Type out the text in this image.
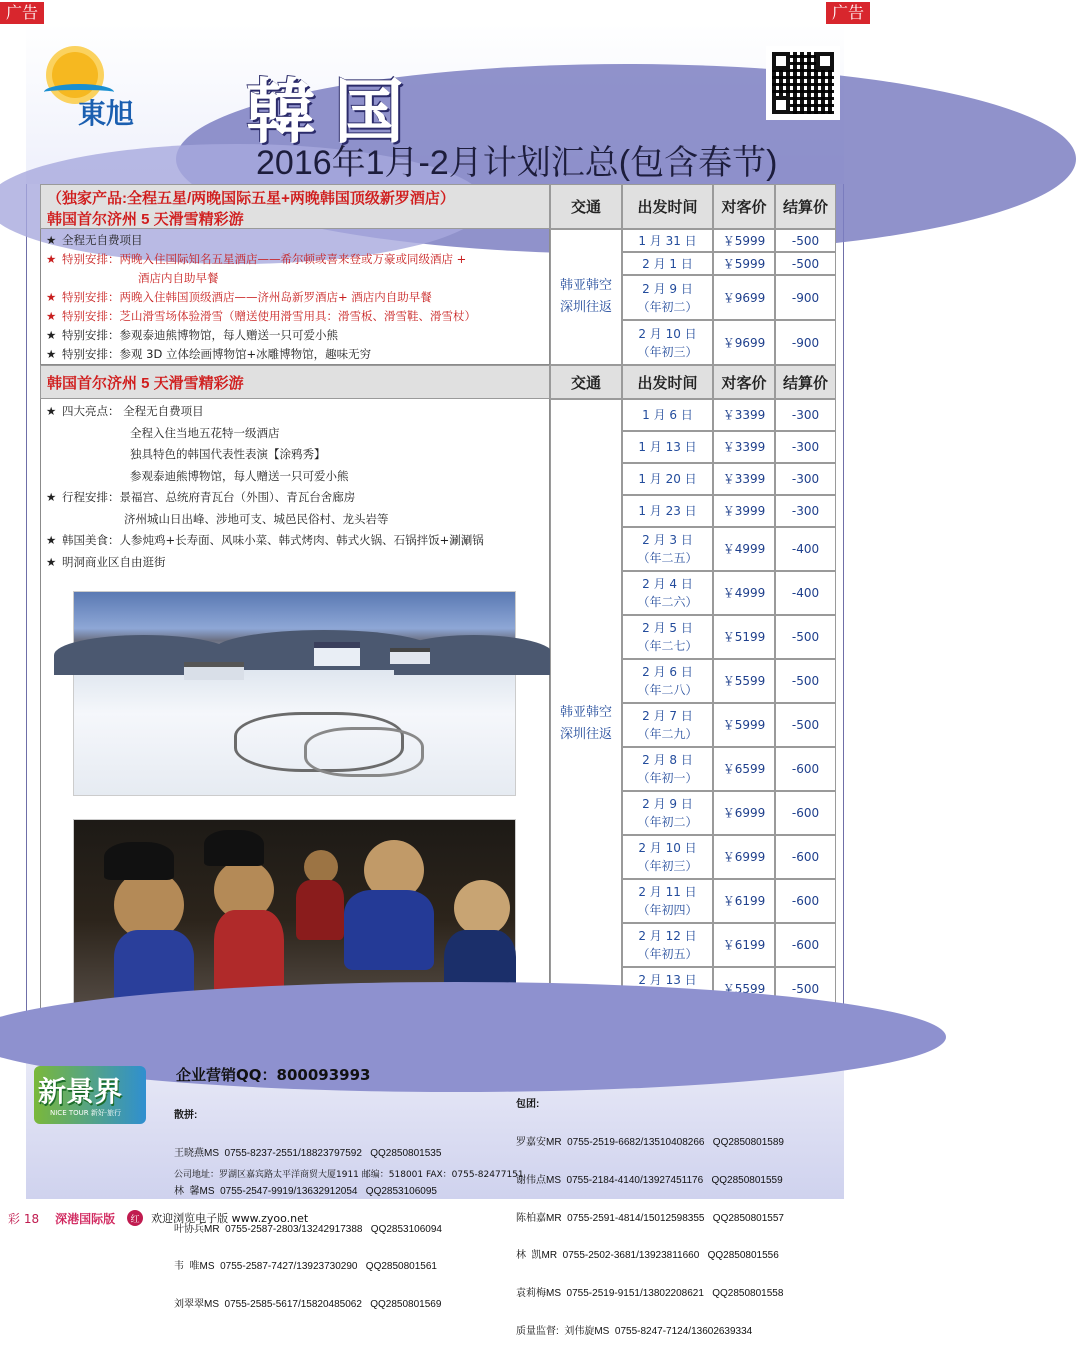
广告	广告
東旭 韓国
2016年1月-2月计划汇总(包含春节)
（独家产品:全程五星/两晚国际五星+两晚韩国顶级新罗酒店）
韩国首尔济州 5 天滑雪精彩游
交通	出发时间	对客价	结算价
★ 全程无自费项目
★ 特别安排：两晚入住国际知名五星酒店——希尔顿或喜来登或万豪或同级酒店 +
酒店内自助早餐
★ 特别安排：两晚入住韩国顶级酒店——济州岛新罗酒店+ 酒店内自助早餐
★ 特别安排：芝山滑雪场体验滑雪（赠送使用滑雪用具：滑雪板、滑雪鞋、滑雪杖）
★ 特别安排：参观泰迪熊博物馆，每人赠送一只可爱小熊
★ 特别安排：参观 3D 立体绘画博物馆+冰雕博物馆，趣味无穷
韩亚韩空
深圳往返
1 月 31 日 ￥5999 -500
2 月 1 日 ￥5999 -500
2 月 9 日
（年初二）
￥9699 -900
2 月 10 日
（年初三）
￥9699 -900
韩国首尔济州 5 天滑雪精彩游	交通	出发时间	对客价	结算价
★ 四大亮点： 全程无自费项目
全程入住当地五花特一级酒店
独具特色的韩国代表性表演【涂鸦秀】
参观泰迪熊博物馆，每人赠送一只可爱小熊
★ 行程安排：景福宫、总统府青瓦台（外围）、青瓦台舍廊房
济州城山日出峰、涉地可支、城邑民俗村、龙头岩等
★ 韩国美食：人参炖鸡+长寿面、风味小菜、韩式烤肉、韩式火锅、石锅拌饭+涮涮锅
★ 明洞商业区自由逛街
韩亚韩空
深圳往返
1 月 6 日 ￥3399 -300
1 月 13 日 ￥3399 -300
1 月 20 日 ￥3399 -300
1 月 23 日 ￥3999 -300
2 月 3 日
（年二五）
￥4999 -400
2 月 4 日
（年二六）
￥4999 -400
2 月 5 日
（年二七）
￥5199 -500
2 月 6 日
（年二八）
￥5599 -500
2 月 7 日
（年二九）
￥5999 -500
2 月 8 日
（年初一）
￥6599 -600
2 月 9 日
（年初二）
￥6999 -600
2 月 10 日
（年初三）
￥6999 -600
2 月 11 日
（年初四）
￥6199 -600
2 月 12 日
（年初五）
￥6199 -600
2 月 13 日
￥5599 -500
新景界
NICE TOUR 新好·旅行
企业营销QQ：800093993

散拼:

王晓燕MS  0755-8237-2551/18823797592   QQ2850801535

林  馨MS  0755-2547-9919/13632912054   QQ2853106095

叶协兵MR  0755-2587-2803/13242917388   QQ2853106094

韦  唯MS  0755-2587-7427/13923730290   QQ2850801561

刘翠翠MS  0755-2585-5617/15820485062   QQ2850801569

包团:

罗嘉安MR  0755-2519-6682/13510408266   QQ2850801589

谢伟点MS  0755-2184-4140/13927451176   QQ2850801559

陈柏嘉MR  0755-2591-4814/15012598355   QQ2850801557

林  凯MR  0755-2502-3681/13923811660   QQ2850801556

袁莉梅MS  0755-2519-9151/13802208621   QQ2850801558

质量监督:  刘伟旋MS  0755-8247-7124/13602639334

公司地址：罗湖区嘉宾路太平洋商贸大厦1911 邮编：518001 FAX：0755-82477151
彩 18 深港国际版	红	欢迎浏览电子版 www.zyoo.net
